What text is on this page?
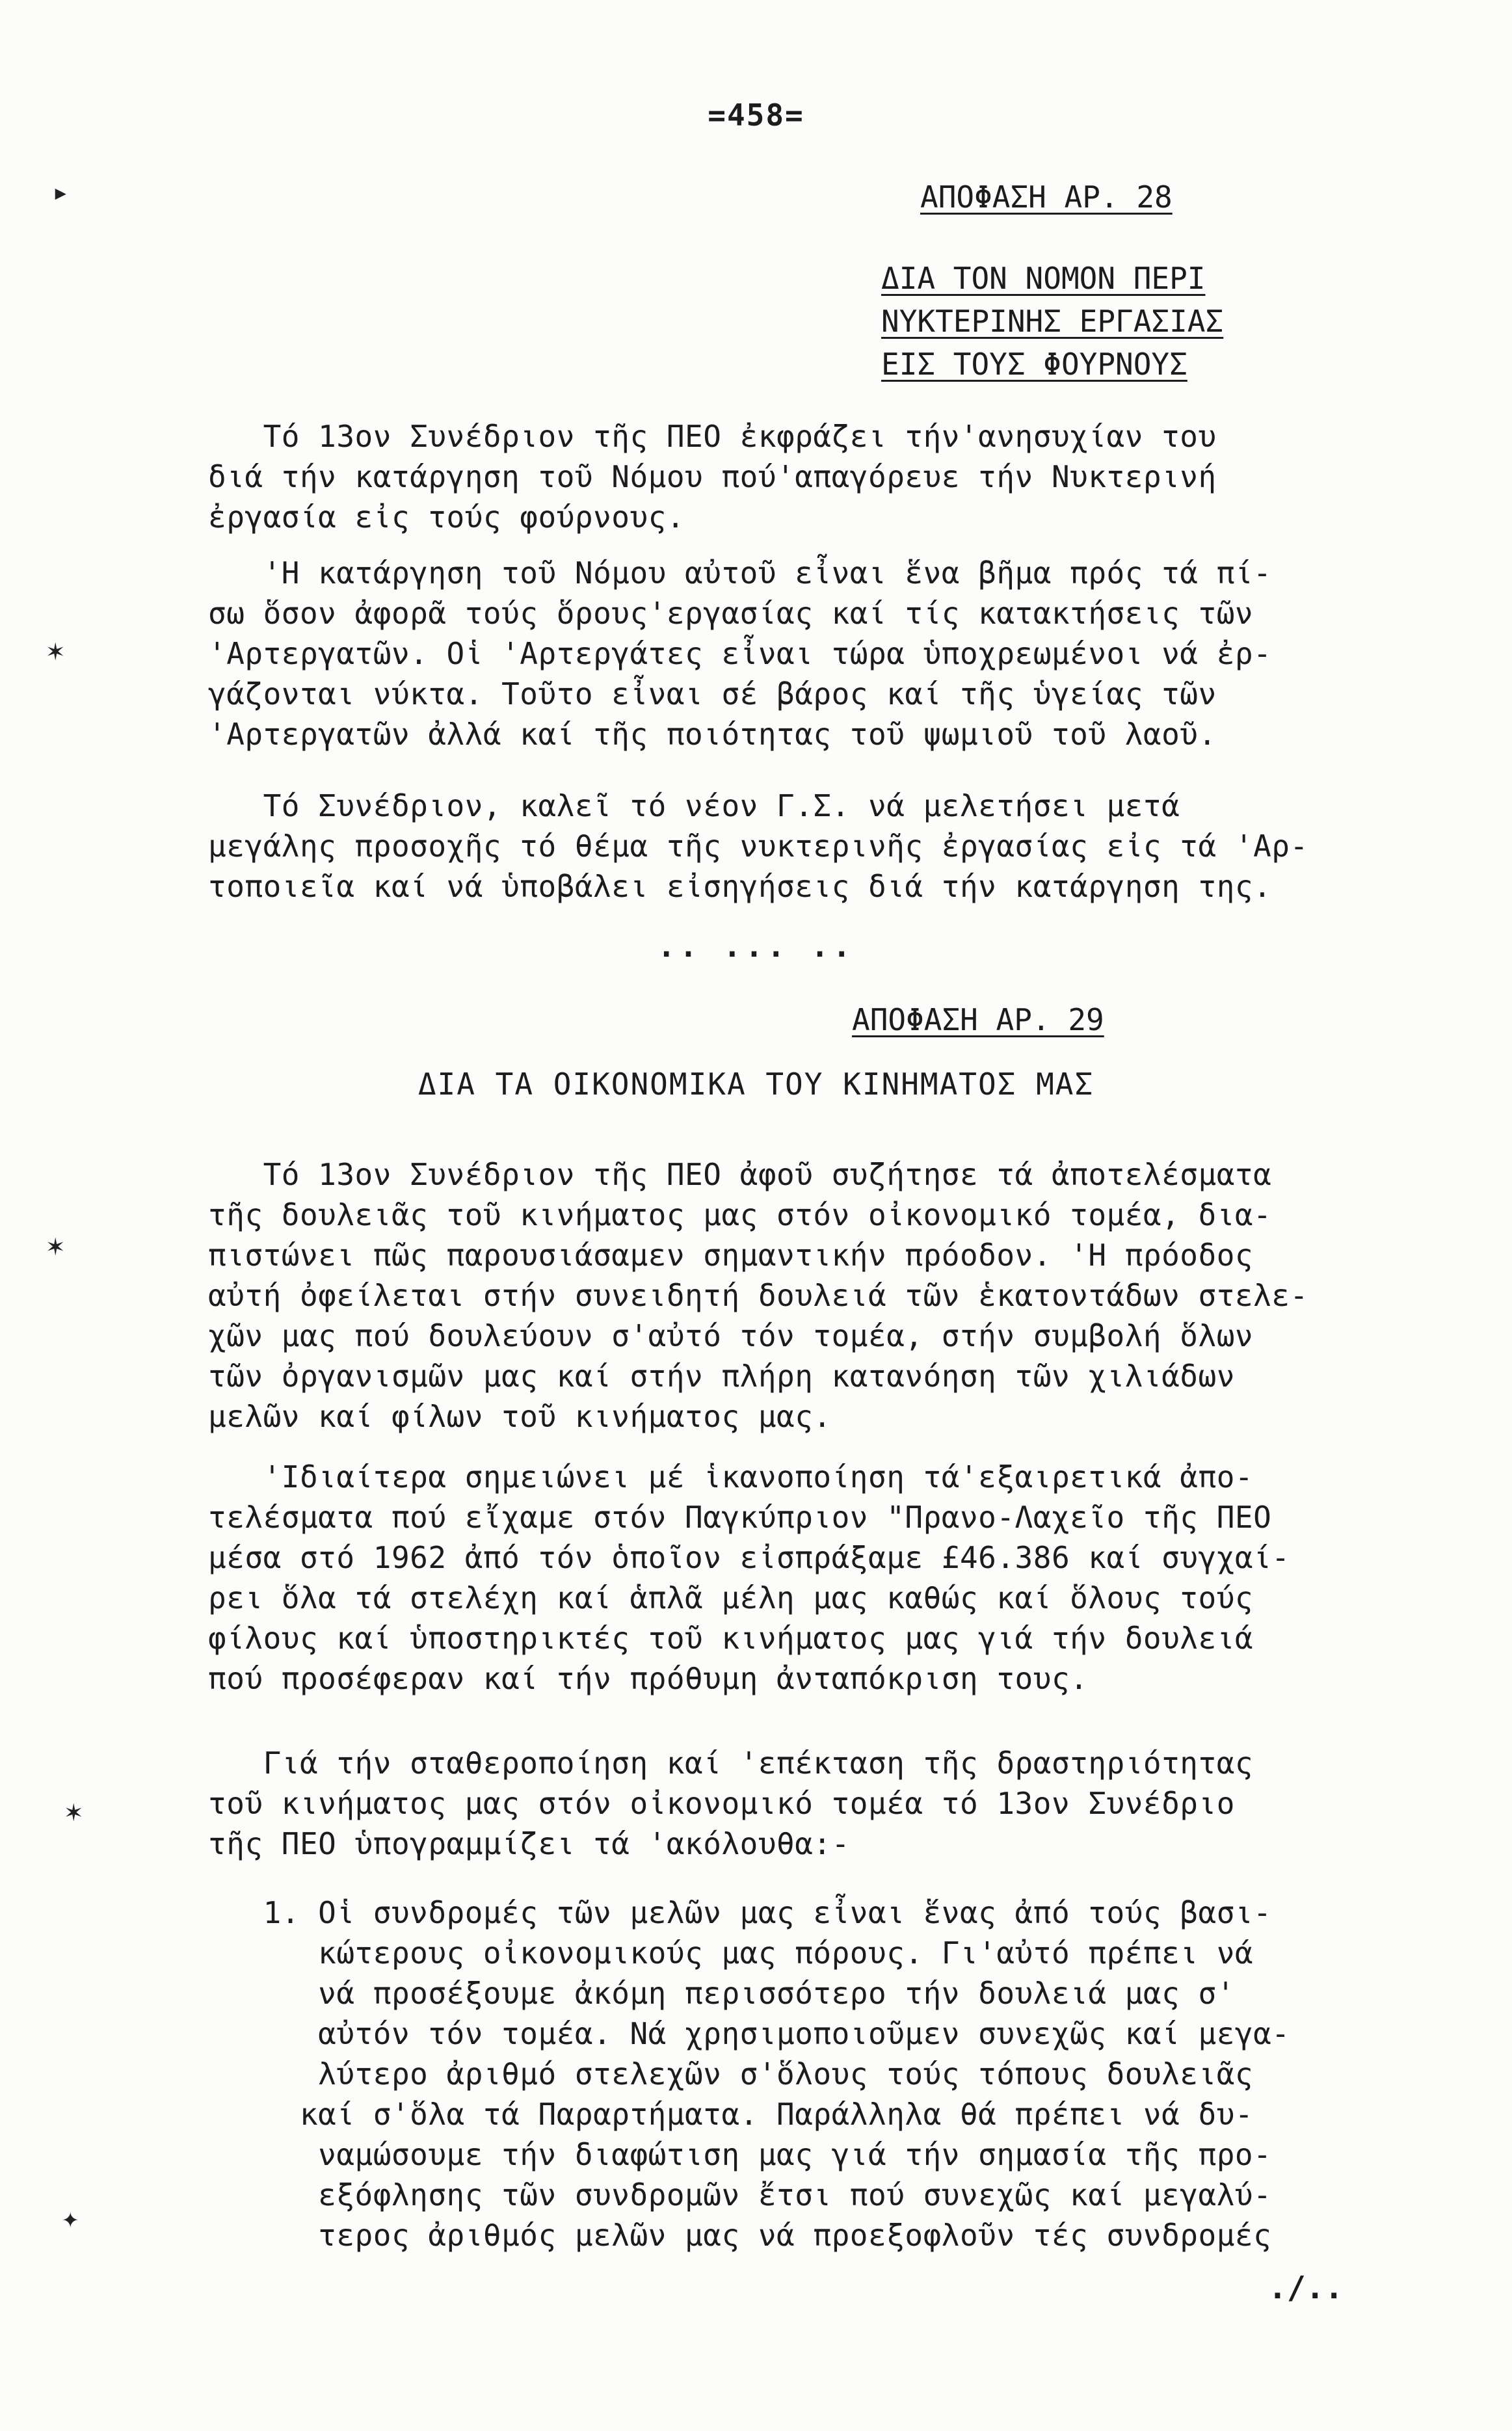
=458=
▸
✶
✶
✶
✦
ΑΠΟΦΑΣΗ ΑΡ. 28
ΔΙΑ ΤΟΝ ΝΟΜΟΝ ΠΕΡΙ
ΝΥΚΤΕΡΙΝΗΣ ΕΡΓΑΣΙΑΣ
ΕΙΣ ΤΟΥΣ ΦΟΥΡΝΟΥΣ
Τό 13ον Συνέδριον τῆς ΠΕΟ ἐκφράζει τήν'ανησυχίαν του
διά τήν κατάργηση τοῦ Νόμου πού'απαγόρευε τήν Νυκτερινή
ἐργασία εἰς τούς φούρνους.
'Η κατάργηση τοῦ Νόμου αὐτοῦ εἶναι ἕνα βῆμα πρός τά πί-
σω ὅσον ἀφορᾶ τούς ὅρους'εργασίας καί τίς κατακτήσεις τῶν
'Αρτεργατῶν. Οἱ 'Αρτεργάτες εἶναι τώρα ὑποχρεωμένοι νά ἐρ-
γάζονται νύκτα. Τοῦτο εἶναι σέ βάρος καί τῆς ὑγείας τῶν
'Αρτεργατῶν ἀλλά καί τῆς ποιότητας τοῦ ψωμιοῦ τοῦ λαοῦ.
Τό Συνέδριον, καλεῖ τό νέον Γ.Σ. νά μελετήσει μετά
μεγάλης προσοχῆς τό θέμα τῆς νυκτερινῆς ἐργασίας εἰς τά 'Αρ-
τοποιεῖα καί νά ὑποβάλει εἰσηγήσεις διά τήν κατάργηση της.
.. ... ..
ΑΠΟΦΑΣΗ ΑΡ. 29
ΔΙΑ ΤΑ ΟΙΚΟΝΟΜΙΚΑ ΤΟΥ ΚΙΝΗΜΑΤΟΣ ΜΑΣ
Τό 13ον Συνέδριον τῆς ΠΕΟ ἀφοῦ συζήτησε τά ἀποτελέσματα
τῆς δουλειᾶς τοῦ κινήματος μας στόν οἰκονομικό τομέα, δια-
πιστώνει πῶς παρουσιάσαμεν σημαντικήν πρόοδον. 'Η πρόοδος
αὐτή ὀφείλεται στήν συνειδητή δουλειά τῶν ἑκατοντάδων στελε-
χῶν μας πού δουλεύουν σ'αὐτό τόν τομέα, στήν συμβολή ὅλων
τῶν ὀργανισμῶν μας καί στήν πλήρη κατανόηση τῶν χιλιάδων
μελῶν καί φίλων τοῦ κινήματος μας.
'Ιδιαίτερα σημειώνει μέ ἱκανοποίηση τά'εξαιρετικά ἀπο-
τελέσματα πού εἴχαμε στόν Παγκύπριον "Πρανο-Λαχεῖο τῆς ΠΕΟ
μέσα στό 1962 ἀπό τόν ὁποῖον εἰσπράξαμε £46.386 καί συγχαί-
ρει ὅλα τά στελέχη καί ἁπλᾶ μέλη μας καθώς καί ὅλους τούς
φίλους καί ὑποστηρικτές τοῦ κινήματος μας γιά τήν δουλειά
πού προσέφεραν καί τήν πρόθυμη ἀνταπόκριση τους.
Γιά τήν σταθεροποίηση καί 'επέκταση τῆς δραστηριότητας
τοῦ κινήματος μας στόν οἰκονομικό τομέα τό 13ον Συνέδριο
τῆς ΠΕΟ ὑπογραμμίζει τά 'ακόλουθα:-
1. Οἱ συνδρομές τῶν μελῶν μας εἶναι ἕνας ἀπό τούς βασι-
κώτερους οἰκονομικούς μας πόρους. Γι'αὐτό πρέπει νά
νά προσέξουμε ἀκόμη περισσότερο τήν δουλειά μας σ'
αὐτόν τόν τομέα. Νά χρησιμοποιοῦμεν συνεχῶς καί μεγα-
λύτερο ἀριθμό στελεχῶν σ'ὅλους τούς τόπους δουλειᾶς
καί σ'ὅλα τά Παραρτήματα. Παράλληλα θά πρέπει νά δυ-
ναμώσουμε τήν διαφώτιση μας γιά τήν σημασία τῆς προ-
εξόφλησης τῶν συνδρομῶν ἔτσι πού συνεχῶς καί μεγαλύ-
τερος ἀριθμός μελῶν μας νά προεξοφλοῦν τές συνδρομές
./..
